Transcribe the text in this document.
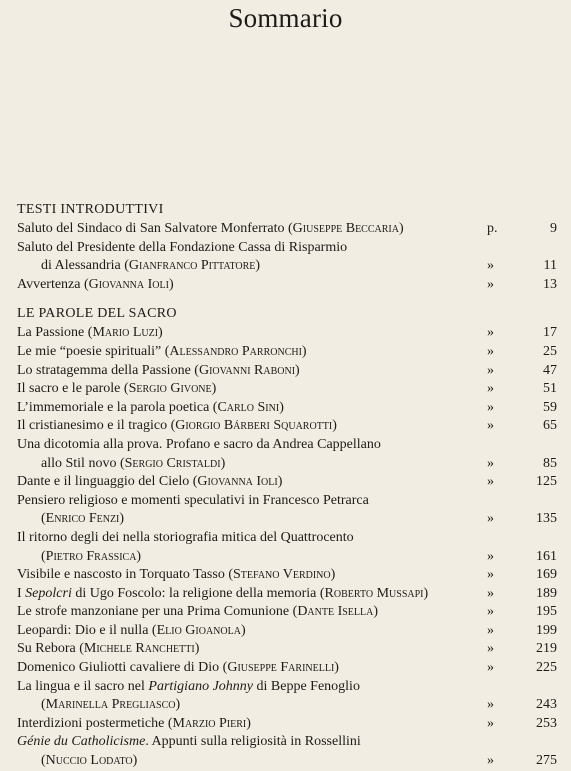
Sommario
TESTI INTRODUTTIVI
Saluto del Sindaco di San Salvatore Monferrato (Giuseppe Beccaria)	p.	9
Saluto del Presidente della Fondazione Cassa di Risparmio
di Alessandria (Gianfranco Pittatore)	»	11
Avvertenza (Giovanna Ioli)	»	13
LE PAROLE DEL SACRO
La Passione (Mario Luzi)	»	17
Le mie “poesie spirituali” (Alessandro Parronchi)	»	25
Lo stratagemma della Passione (Giovanni Raboni)	»	47
Il sacro e le parole (Sergio Givone)	»	51
L’immemoriale e la parola poetica (Carlo Sini)	»	59
Il cristianesimo e il tragico (Giorgio Bárberi Squarotti)	»	65
Una dicotomia alla prova. Profano e sacro da Andrea Cappellano
allo Stil novo (Sergio Cristaldi)	»	85
Dante e il linguaggio del Cielo (Giovanna Ioli)	»	125
Pensiero religioso e momenti speculativi in Francesco Petrarca
(Enrico Fenzi)	»	135
Il ritorno degli dei nella storiografia mitica del Quattrocento
(Pietro Frassica)	»	161
Visibile e nascosto in Torquato Tasso (Stefano Verdino)	»	169
I Sepolcri di Ugo Foscolo: la religione della memoria (Roberto Mussapi)	»	189
Le strofe manzoniane per una Prima Comunione (Dante Isella)	»	195
Leopardi: Dio e il nulla (Elio Gioanola)	»	199
Su Rebora (Michele Ranchetti)	»	219
Domenico Giuliotti cavaliere di Dio (Giuseppe Farinelli)	»	225
La lingua e il sacro nel Partigiano Johnny di Beppe Fenoglio
(Marinella Pregliasco)	»	243
Interdizioni postermetiche (Marzio Pieri)	»	253
Génie du Catholicisme. Appunti sulla religiosità in Rossellini
(Nuccio Lodato)	»	275
